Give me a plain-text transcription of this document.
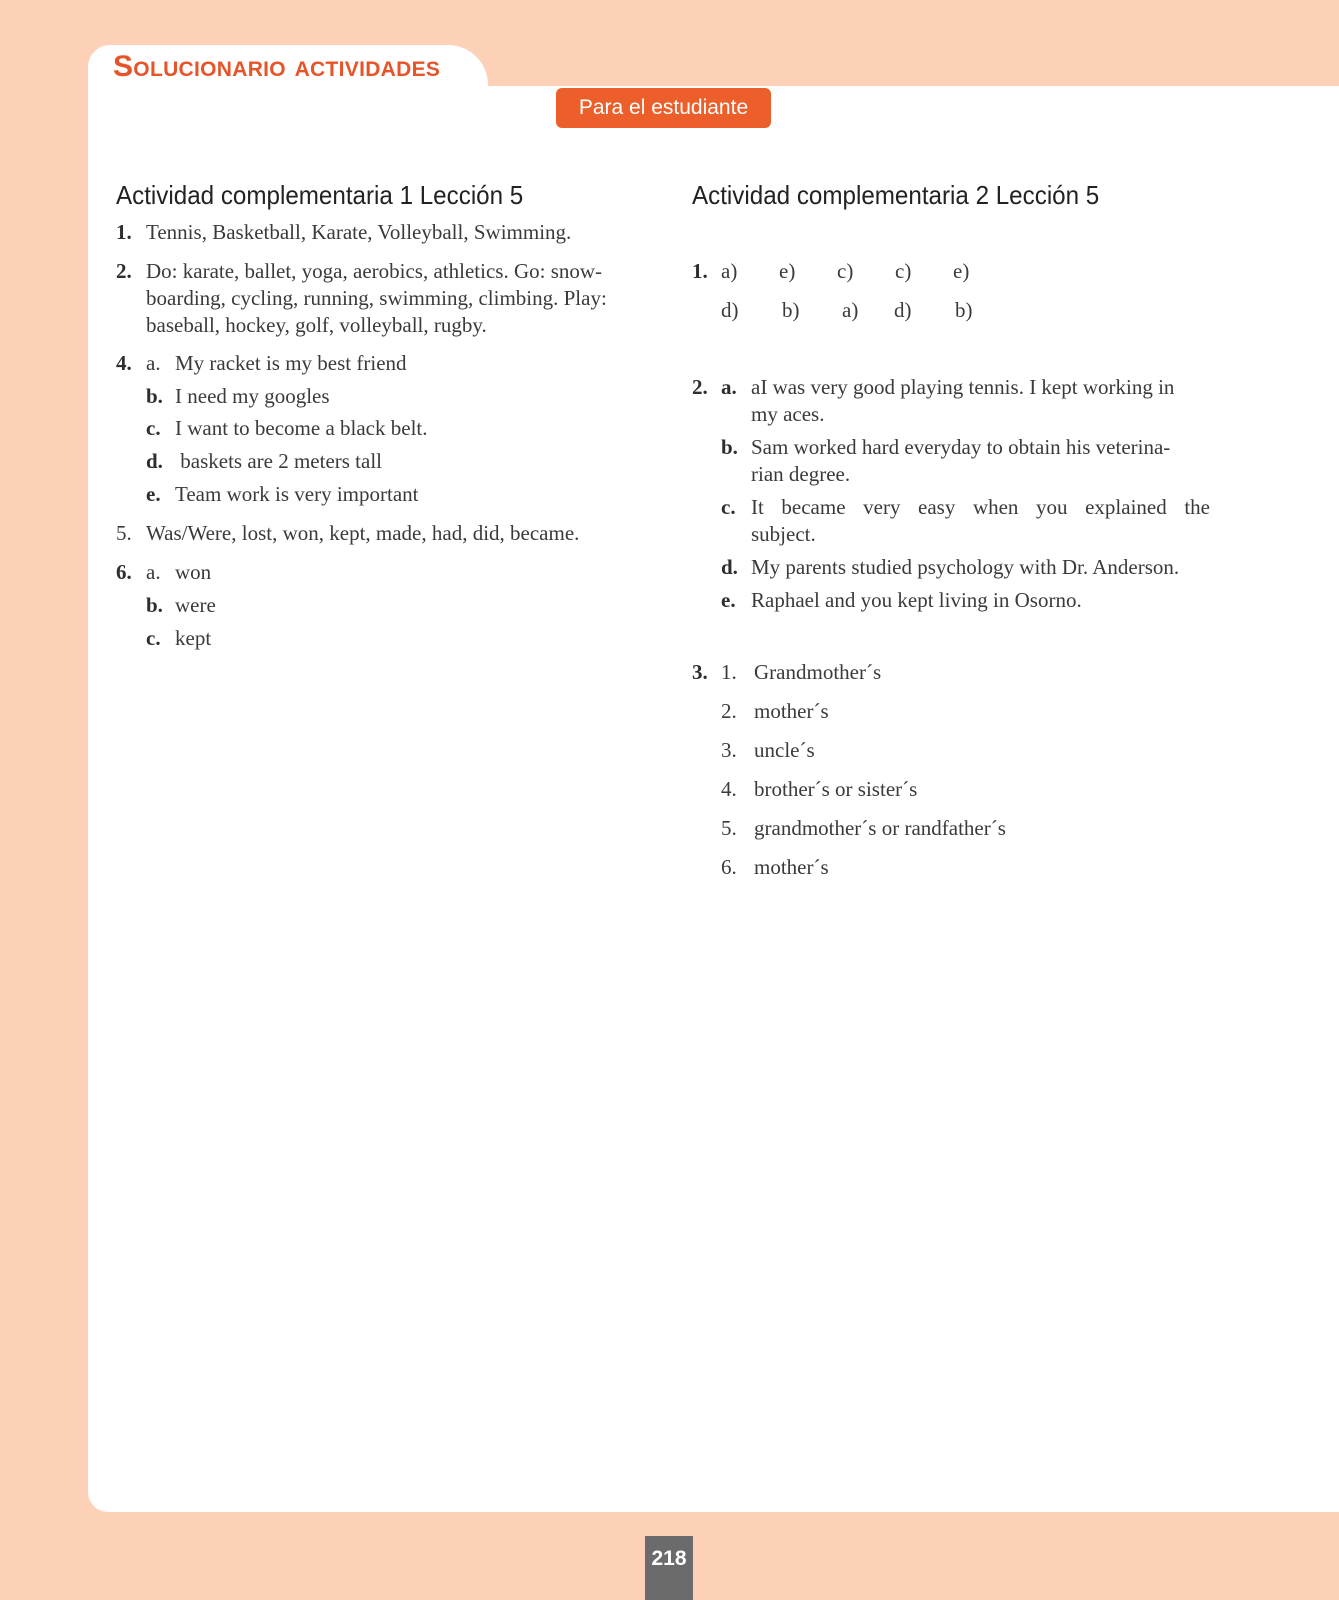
Solucionario actividades
Para el estudiante
Actividad complementaria 1 Lección 5
1. Tennis, Basketball, Karate, Volleyball, Swimming.
2. Do: karate, ballet, yoga, aerobics, athletics. Go: snow-
boarding, cycling, running, swimming, climbing. Play:
baseball, hockey, golf, volleyball, rugby.
4. a. My racket is my best friend
b. I need my googles
c. I want to become a black belt.
d. baskets are 2 meters tall
e. Team work is very important
5. Was/Were, lost, won, kept, made, had, did, became.
6. a. won
b. were
c. kept
Actividad complementaria 2 Lección 5
1. a) e) c) c) e)
d) b) a) d) b)
2. a. aI was very good playing tennis. I kept working in
my aces.
b. Sam worked hard everyday to obtain his veterina-
rian degree.
c. It became very easy when you explained the
subject.
d. My parents studied psychology with Dr. Anderson.
e. Raphael and you kept living in Osorno.
3. 1. Grandmother´s
2. mother´s
3. uncle´s
4. brother´s or sister´s
5. grandmother´s or randfather´s
6. mother´s
218
